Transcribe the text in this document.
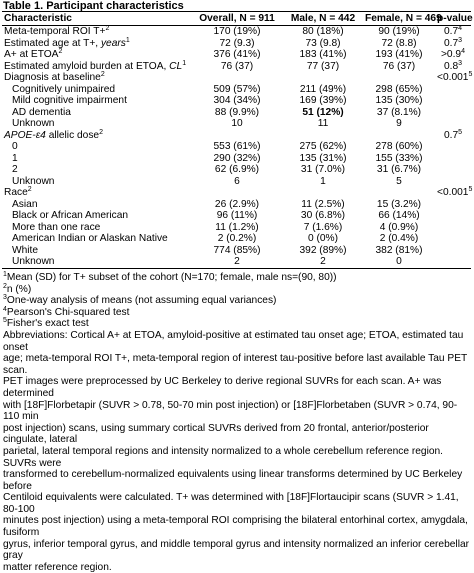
Table 1. Participant characteristics
Characteristic	Overall, N = 911	Male, N = 442	Female, N = 469	p-value
Meta-temporal ROI T+$^2$	170 (19%)	80 (18%)	90 (19%)	$0.7^4$
Estimated age at T+, years$^1$	72 (9.3)	73 (9.8)	72 (8.8)	$0.7^3$
A+ at ETOA$^2$	376 (41%)	183 (41%)	193 (41%)	$>0.9^4$
Estimated amyloid burden at ETOA, $CL^1$	76 (37)	77 (37)	76 (37)	$0.8^3$
Diagnosis at baseline$^2$				$<0.001^5$
Cognitively unimpaired	509 (57%)	211 (49%)	298 (65%)	
Mild cognitive impairment	304 (34%)	169 (39%)	135 (30%)	
AD dementia	88 (9.9%)	51 (12%)	37 (8.1%)	
Unknown	10	11	9	
APOE-ε4 allelic dose$^2$				$0.7^5$
0	553 (61%)	275 (62%)	278 (60%)	
1	290 (32%)	135 (31%)	155 (33%)	
2	62 (6.9%)	31 (7.0%)	31 (6.7%)	
Unknown	6	1	5	
Race$^2$				$<0.001^5$
Asian	26 (2.9%)	11 (2.5%)	15 (3.2%)	
Black or African American	96 (11%)	30 (6.8%)	66 (14%)	
More than one race	11 (1.2%)	7 (1.6%)	4 (0.9%)	
American Indian or Alaskan Native	2 (0.2%)	0 (0%)	2 (0.4%)	
White	774 (85%)	392 (89%)	382 (81%)	
Unknown	2	2	0	
$^1$Mean (SD) for T+ subset of the cohort (N=170; female, male ns=(90, 80))
$^2$n (%)
$^3$One-way analysis of means (not assuming equal variances)
$^4$Pearson's Chi-squared test
$^5$Fisher's exact test
Abbreviations: Cortical A+ at ETOA, amyloid-positive at estimated tau onset age; ETOA, estimated tau onset
age; meta-temporal ROI T+, meta-temporal region of interest tau-positive before last available Tau PET scan.
PET images were preprocessed by UC Berkeley to derive regional SUVRs for each scan. A+ was determined
with [18F]Florbetapir (SUVR > 0.78, 50-70 min post injection) or [18F]Florbetaben (SUVR > 0.74, 90-110 min
post injection) scans, using summary cortical SUVRs derived from 20 frontal, anterior/posterior cingulate, lateral
parietal, lateral temporal regions and intensity normalized to a whole cerebellum reference region. SUVRs were
transformed to cerebellum-normalized equivalents using linear transforms determined by UC Berkeley before
Centiloid equivalents were calculated. T+ was determined with [18F]Flortaucipir scans (SUVR > 1.41, 80-100
minutes post injection) using a meta-temporal ROI comprising the bilateral entorhinal cortex, amygdala, fusiform
gyrus, inferior temporal gyrus, and middle temporal gyrus and intensity normalized an inferior cerebellar gray
matter reference region.
